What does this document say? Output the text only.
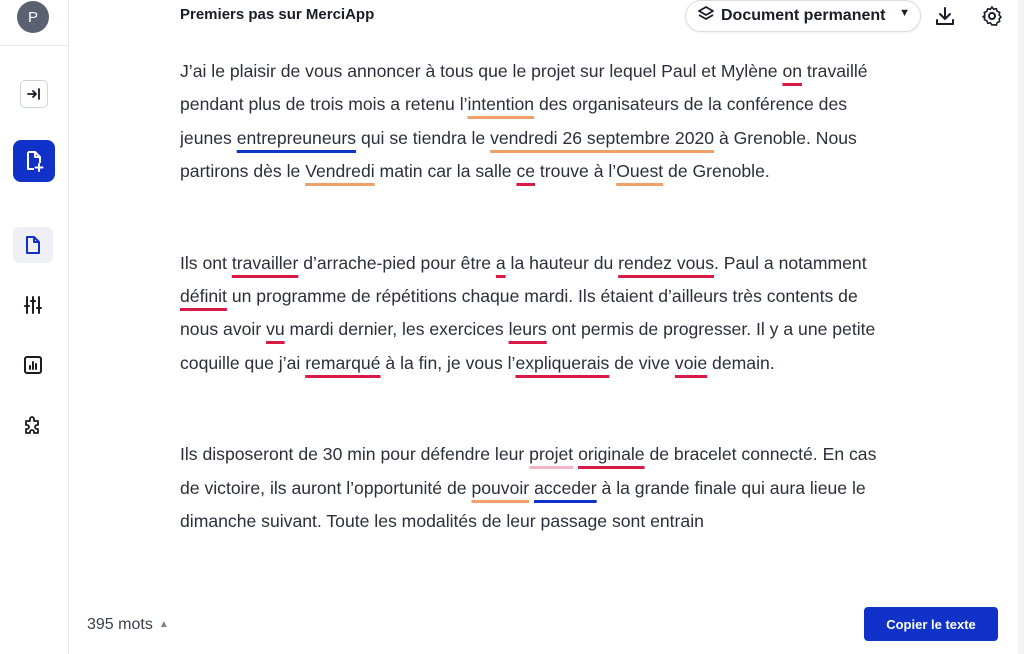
P	Premiers pas sur MerciApp	Document permanent ▼

J’ai le plaisir de vous annoncer à tous que le projet sur lequel Paul et Mylène on travaillé pendant plus de trois mois a retenu l’intention des organisateurs de la conférence des jeunes entrepreuneurs qui se tiendra le vendredi 26 septembre 2020 à Grenoble. Nous partirons dès le Vendredi matin car la salle ce trouve à l’Ouest de Grenoble.

Ils ont travailler d’arrache-pied pour être a la hauteur du rendez vous. Paul a notamment définit un programme de répétitions chaque mardi. Ils étaient d’ailleurs très contents de nous avoir vu mardi dernier, les exercices leurs ont permis de progresser. Il y a une petite coquille que j’ai remarqué à la fin, je vous l’expliquerais de vive voie demain.

Ils disposeront de 30 min pour défendre leur projet originale de bracelet connecté. En cas de victoire, ils auront l’opportunité de pouvoir acceder à la grande finale qui aura lieue le dimanche suivant. Toute les modalités de leur passage sont entrain

395 mots ▲	Copier le texte
